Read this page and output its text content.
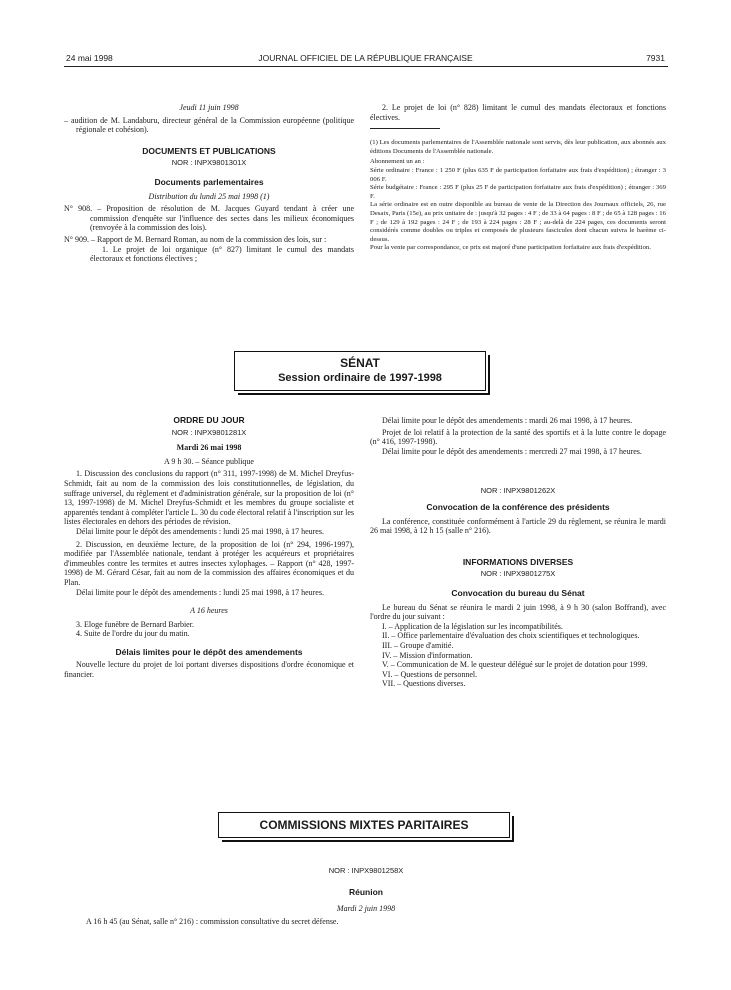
24 mai 1998	JOURNAL OFFICIEL DE LA RÉPUBLIQUE FRANÇAISE	7931

Jeudi 11 juin 1998

– audition de M. Landaburu, directeur général de la Commission européenne (politique régionale et cohésion).

DOCUMENTS ET PUBLICATIONS

NOR : INPX9801301X

Documents parlementaires

Distribution du lundi 25 mai 1998 (1)

N° 908. – Proposition de résolution de M. Jacques Guyard tendant à créer une commission d'enquête sur l'influence des sectes dans les milieux économiques (renvoyée à la commission des lois).

N° 909. – Rapport de M. Bernard Roman, au nom de la commission des lois, sur :

1. Le projet de loi organique (n° 827) limitant le cumul des mandats électoraux et fonctions électives ;

2. Le projet de loi (n° 828) limitant le cumul des mandats électoraux et fonctions électives.

(1) Les documents parlementaires de l'Assemblée nationale sont servis, dès leur publication, aux abonnés aux éditions Documents de l'Assemblée nationale.

Abonnement un an :

Série ordinaire : France : 1 250 F (plus 635 F de participation forfaitaire aux frais d'expédition) ; étranger : 3 006 F.

Série budgétaire : France : 295 F (plus 25 F de participation forfaitaire aux frais d'expédition) ; étranger : 369 F.

La série ordinaire est en outre disponible au bureau de vente de la Direction des Journaux officiels, 26, rue Desaix, Paris (15e), au prix unitaire de : jusqu'à 32 pages : 4 F ; de 33 à 64 pages : 8 F ; de 65 à 128 pages : 16 F ; de 129 à 192 pages : 24 F ; de 193 à 224 pages : 28 F ; au-delà de 224 pages, ces documents seront considérés comme doubles ou triples et composés de plusieurs fascicules dont chacun suivra le barème ci-dessus.

Pour la vente par correspondance, ce prix est majoré d'une participation forfaitaire aux frais d'expédition.

SÉNAT
Session ordinaire de 1997-1998

ORDRE DU JOUR

NOR : INPX9801281X

Mardi 26 mai 1998

A 9 h 30. – Séance publique

1. Discussion des conclusions du rapport (n° 311, 1997-1998) de M. Michel Dreyfus-Schmidt, fait au nom de la commission des lois constitutionnelles, de législation, du suffrage universel, du règlement et d'administration générale, sur la proposition de loi (n° 13, 1997-1998) de M. Michel Dreyfus-Schmidt et les membres du groupe socialiste et apparentés tendant à compléter l'article L. 30 du code électoral relatif à l'inscription sur les listes électorales en dehors des périodes de révision.

Délai limite pour le dépôt des amendements : lundi 25 mai 1998, à 17 heures.

2. Discussion, en deuxième lecture, de la proposition de loi (n° 294, 1996-1997), modifiée par l'Assemblée nationale, tendant à protéger les acquéreurs et propriétaires d'immeubles contre les termites et autres insectes xylophages. – Rapport (n° 428, 1997-1998) de M. Gérard César, fait au nom de la commission des affaires économiques et du Plan.

Délai limite pour le dépôt des amendements : lundi 25 mai 1998, à 17 heures.

A 16 heures

3. Eloge funèbre de Bernard Barbier.

4. Suite de l'ordre du jour du matin.

Délais limites pour le dépôt des amendements

Nouvelle lecture du projet de loi portant diverses dispositions d'ordre économique et financier.

Délai limite pour le dépôt des amendements : mardi 26 mai 1998, à 17 heures.

Projet de loi relatif à la protection de la santé des sportifs et à la lutte contre le dopage (n° 416, 1997-1998).

Délai limite pour le dépôt des amendements : mercredi 27 mai 1998, à 17 heures.

NOR : INPX9801262X

Convocation de la conférence des présidents

La conférence, constituée conformément à l'article 29 du règlement, se réunira le mardi 26 mai 1998, à 12 h 15 (salle n° 216).

INFORMATIONS DIVERSES

NOR : INPX9801275X

Convocation du bureau du Sénat

Le bureau du Sénat se réunira le mardi 2 juin 1998, à 9 h 30 (salon Boffrand), avec l'ordre du jour suivant :

I. – Application de la législation sur les incompatibilités.

II. – Office parlementaire d'évaluation des choix scientifiques et technologiques.

III. – Groupe d'amitié.

IV. – Mission d'information.

V. – Communication de M. le questeur délégué sur le projet de dotation pour 1999.

VI. – Questions de personnel.

VII. – Questions diverses.

COMMISSIONS MIXTES PARITAIRES

NOR : INPX9801258X

Réunion

Mardi 2 juin 1998

A 16 h 45 (au Sénat, salle n° 216) : commission consultative du secret défense.
